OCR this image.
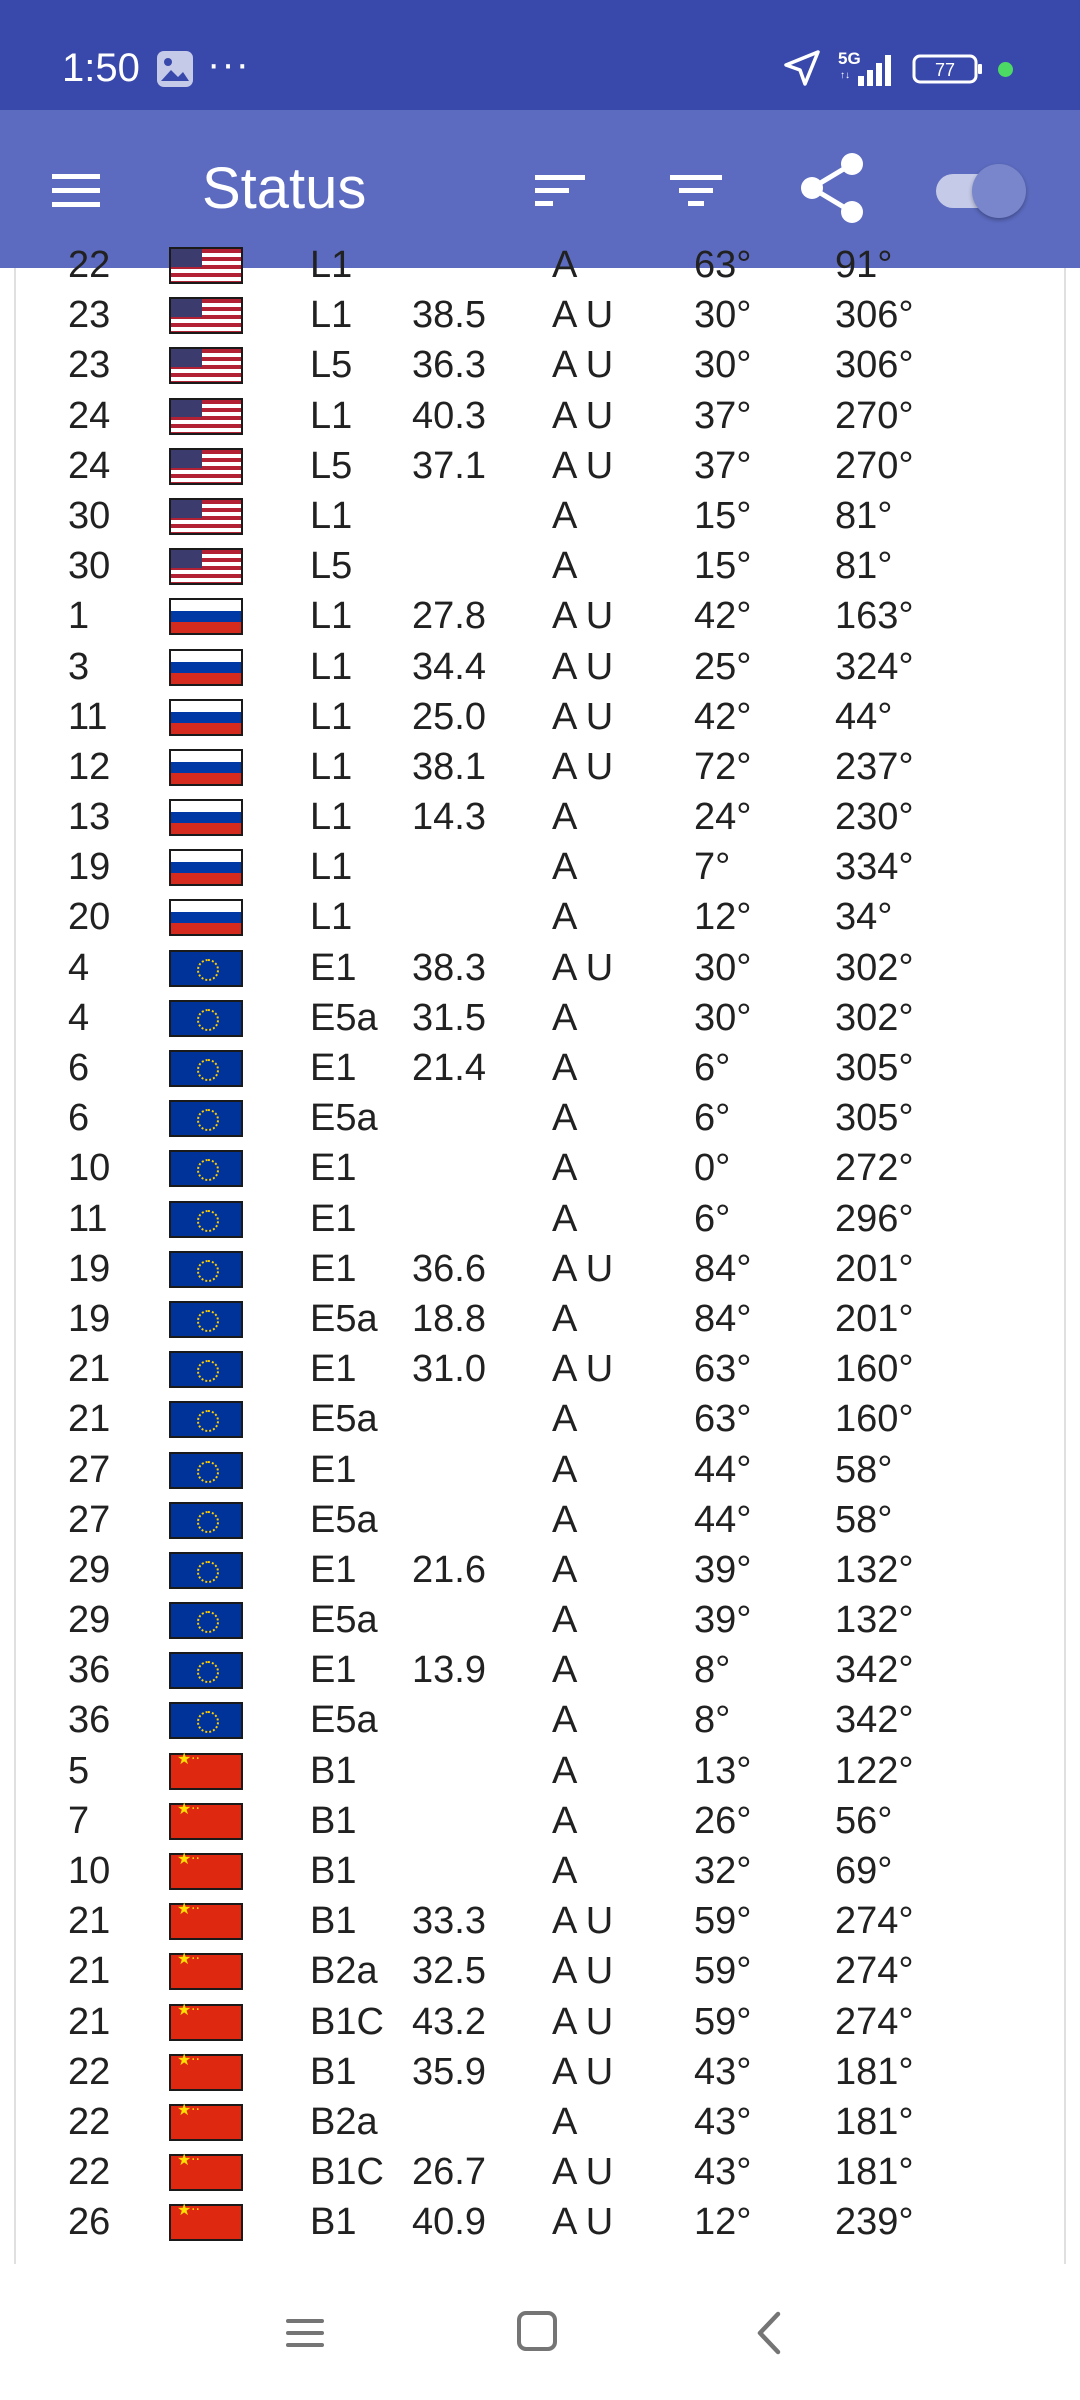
1:50 ···	5G
↑↓	77
Status
22	L1	A	63° 91°
23	L1 38.5 A U 30° 306°
23	L5 36.3 A U 30° 306°
24	L1 40.3 A U 37° 270°
24	L5 37.1 A U 37° 270°
30	L1	A	15° 81°
30	L5	A	15° 81°
1	L1 27.8 A U 42° 163°
3	L1 34.4 A U 25° 324°
11	L1 25.0 A U 42° 44°
12	L1 38.1 A U 72° 237°
13	L1 14.3 A	24° 230°
19	L1	A	7°	334°
20	L1	A	12° 34°
4	E1 38.3 A U 30° 302°
4	E5a 31.5 A	30° 302°
6	E1 21.4 A	6°	305°
6	E5a	A	6°	305°
10	E1	A	0°	272°
11	E1	A	6°	296°
19	E1 36.6 A U 84° 201°
19	E5a 18.8 A	84° 201°
21	E1 31.0 A U 63° 160°
21	E5a	A	63° 160°
27	E1	A	44° 58°
27	E5a	A	44° 58°
29	E1 21.6 A	39° 132°
29	E5a	A	39° 132°
36	E1 13.9 A	8°	342°
36	E5a	A	8°	342°
5 ★ ⋅⋅	B1	A	13° 122°
7 ★ ⋅⋅	B1	A	26° 56°
10 ★ ⋅⋅	B1	A	32° 69°
21 ★ ⋅⋅	B1 33.3 A U 59° 274°
21 ★ ⋅⋅	B2a 32.5 A U 59° 274°
21 ★ ⋅⋅	B1C 43.2 A U 59° 274°
22 ★ ⋅⋅	B1 35.9 A U 43° 181°
22 ★ ⋅⋅	B2a	A	43° 181°
22 ★ ⋅⋅	B1C 26.7 A U 43° 181°
26 ★ ⋅⋅	B1 40.9 A U 12° 239°
